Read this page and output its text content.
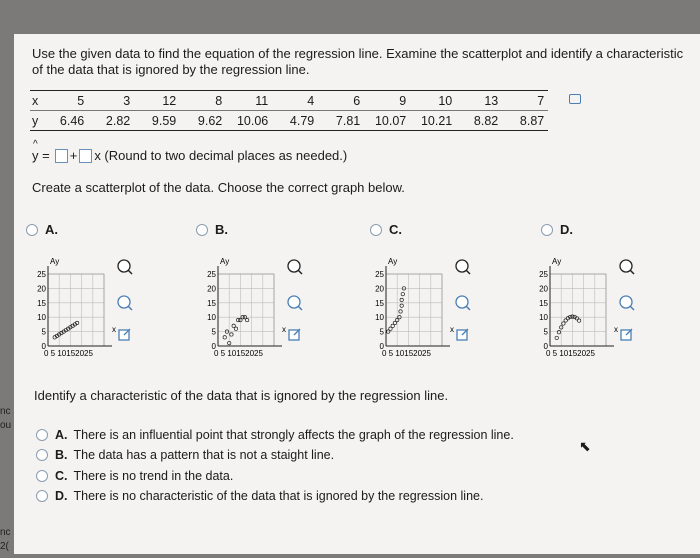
Use the given data to find the equation of the regression line. Examine the scatterplot and identify a characteristic of the data that is ignored by the regression line.
x	5	3	12	8	11	4	6	9	10	13	7
y	6.46	2.82	9.59	9.62	10.06	4.79	7.81	10.07	10.21	8.82	8.87
^ y = + x (Round to two decimal places as needed.)
Create a scatterplot of the data. Choose the correct graph below.
A.	B.	C.	D.
25
20
15
10
5
0
0 5 10152025
Ay
x
25
20
15
10
5
0
0 5 10152025
Ay
x
25
20
15
10
5
0
0 5 10152025
Ay
x
25
20
15
10
5
0
0 5 10152025
Ay
x
Identify a characteristic of the data that is ignored by the regression line.
A. There is an influential point that strongly affects the graph of the regression line.
B. The data has a pattern that is not a staight line.
C. There is no trend in the data.
D. There is no characteristic of the data that is ignored by the regression line.
⬉
nc
ou
nc
2(
